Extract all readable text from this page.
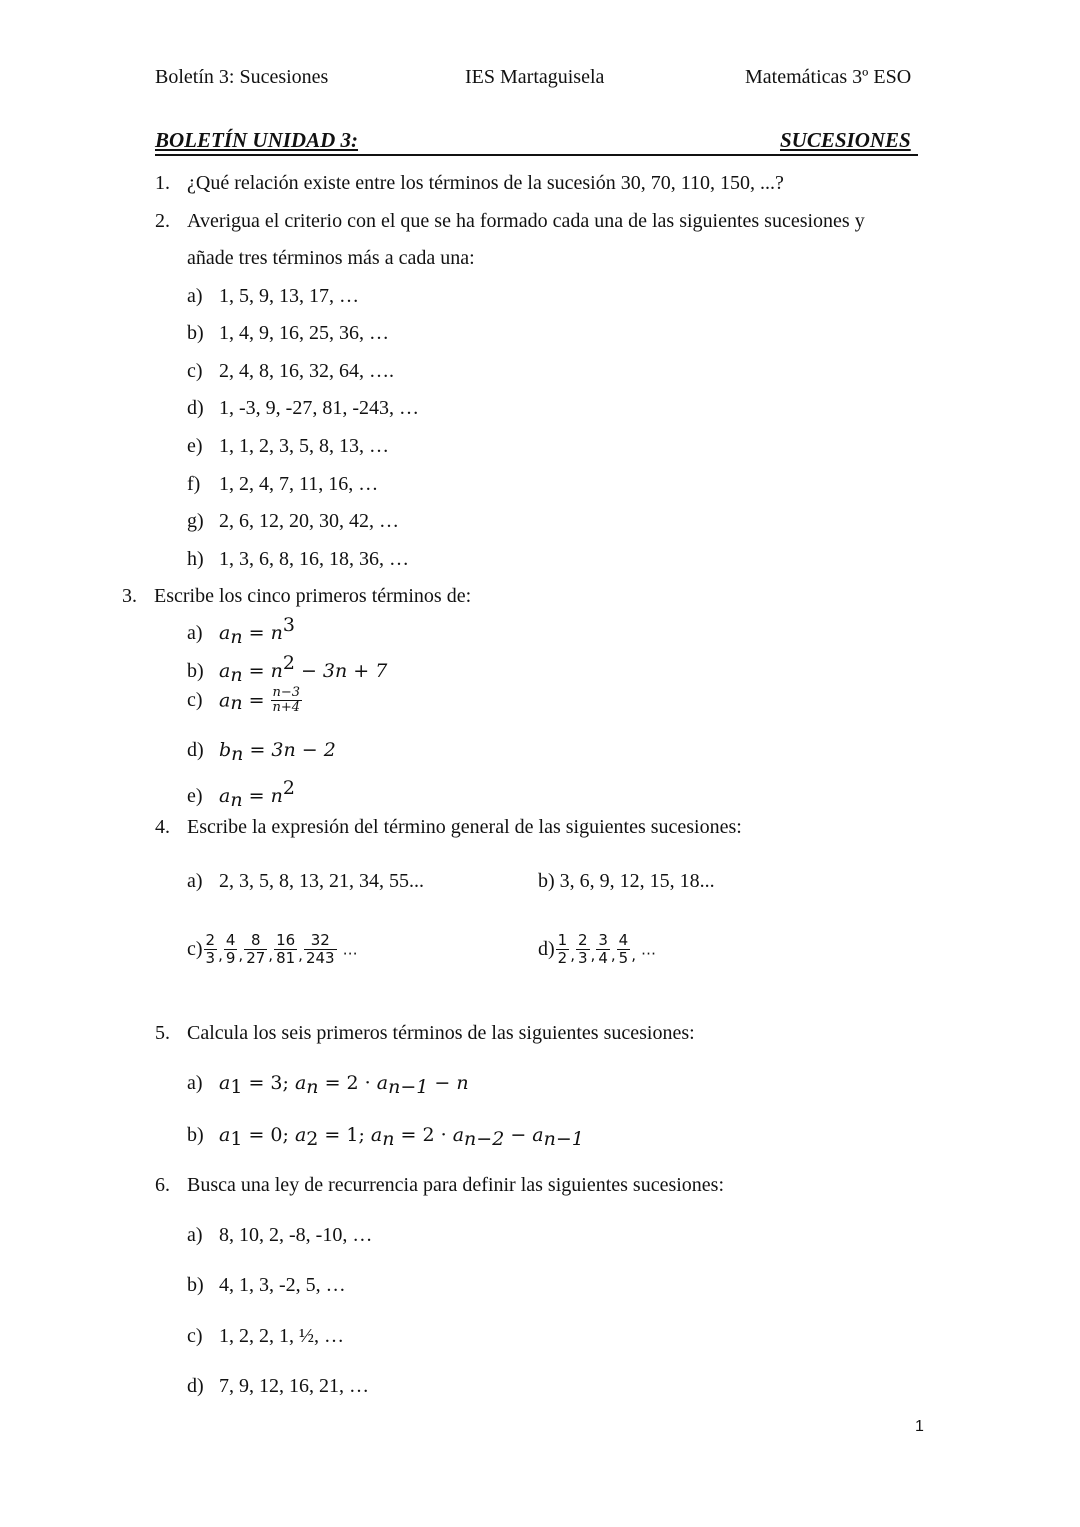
Boletín 3: Sucesiones	IES Martaguisela	Matemáticas 3º ESO
BOLETÍN UNIDAD 3:	SUCESIONES
1. ¿Qué relación existe entre los términos de la sucesión 30, 70, 110, 150, ...?
2. Averigua el criterio con el que se ha formado cada una de las siguientes sucesiones y
añade tres términos más a cada una:
a) 1, 5, 9, 13, 17, …
b) 1, 4, 9, 16, 25, 36, …
c) 2, 4, 8, 16, 32, 64, ….
d) 1, -3, 9, -27, 81, -243, …
e) 1, 1, 2, 3, 5, 8, 13, …
f) 1, 2, 4, 7, 11, 16, …
g) 2, 6, 12, 20, 30, 42, …
h) 1, 3, 6, 8, 16, 18, 36, …
3. Escribe los cinco primeros términos de:
a) $a_n = n^3$
b) $a_n = n^2 - 3n + 7$
c) $a_n = \frac{n-3}{n+4}$
d) $b_n = 3n - 2$
e) $a_n = n^2$
4. Escribe la expresión del término general de las siguientes sucesiones:
a) 2, 3, 5, 8, 13, 21, 34, 55...	b) 3, 6, 9, 12, 15, 18...
$c) \frac{2}{3} _, \frac{4}{9} _, \frac{8}{27} _, \frac{16}{81} _, \frac{32}{243}$ …	$d) \frac{1}{2} _, \frac{2}{3} _, \frac{3}{4} _, \frac{4}{5} _,$ …
5. Calcula los seis primeros términos de las siguientes sucesiones:
a) $a_1 = 3$; $a_n = 2 \cdot a_{n-1} - n$
b) $a_1 = 0$; $a_2 = 1$; $a_n = 2 \cdot a_{n-2} - a_{n-1}$
6. Busca una ley de recurrencia para definir las siguientes sucesiones:
a) 8, 10, 2, -8, -10, …
b) 4, 1, 3, -2, 5, …
c) 1, 2, 2, 1, ½, …
d) 7, 9, 12, 16, 21, …
1
